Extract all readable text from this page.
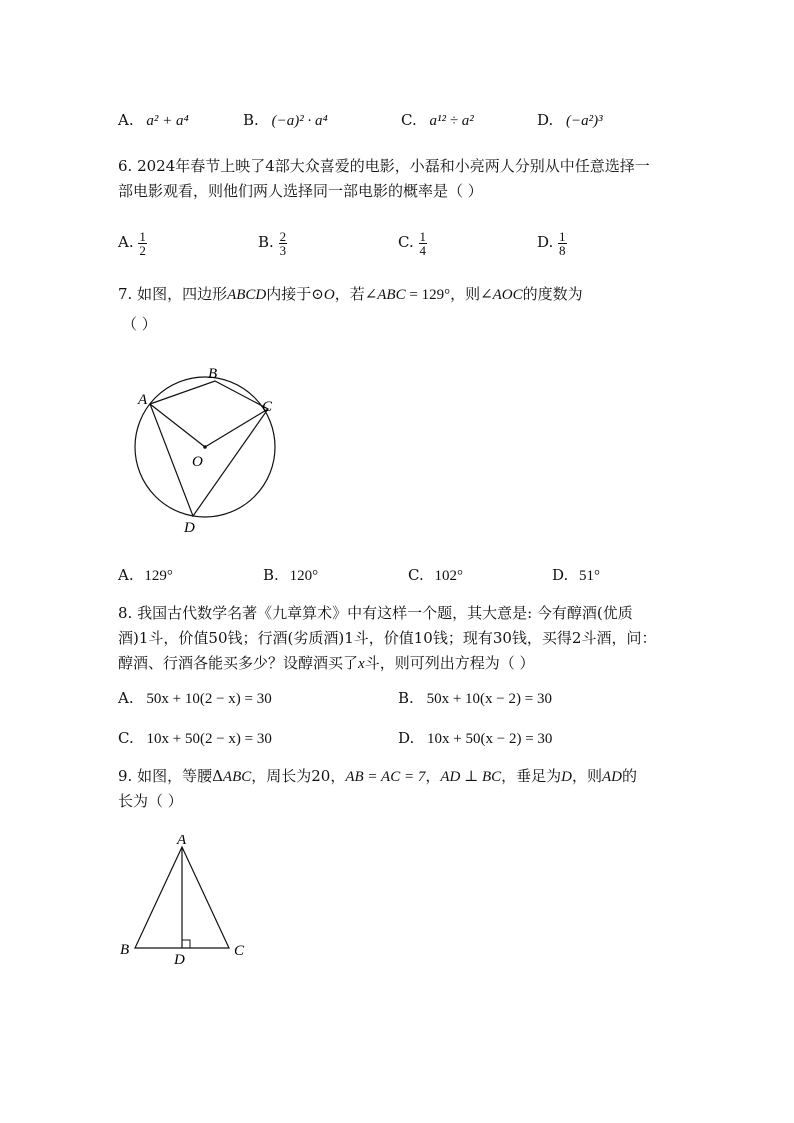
A. a² + a⁴	B. (−a)² · a⁴	C. a¹² ÷ a²	D. (−a²)³
6. 2024年春节上映了4部大众喜爱的电影，小磊和小亮两人分别从中任意选择一
部电影观看，则他们两人选择同一部电影的概率是（ ）
A. $\frac{1}{2}$	B. $\frac{2}{3}$	C. $\frac{1}{4}$	D. $\frac{1}{8}$
7. 如图，四边形ABCD内接于⊙O，若∠ABC = 129°，则∠AOC的度数为
（ ）
A
B
C
O
D
A. 129°	B. 120°	C. 102°	D. 51°
8. 我国古代数学名著《九章算术》中有这样一个题，其大意是: 今有醇酒(优质
酒)1斗，价值50钱；行酒(劣质酒)1斗，价值10钱；现有30钱，买得2斗酒，问：
醇酒、行酒各能买多少？设醇酒买了x斗，则可列出方程为（ ）
A. 50x + 10(2 − x) = 30	B. 50x + 10(x − 2) = 30
C. 10x + 50(2 − x) = 30	D. 10x + 50(x − 2) = 30
9. 如图，等腰ΔABC，周长为20，AB = AC = 7，AD ⊥ BC，垂足为D，则AD的
长为（ ）
A
B	C
D
